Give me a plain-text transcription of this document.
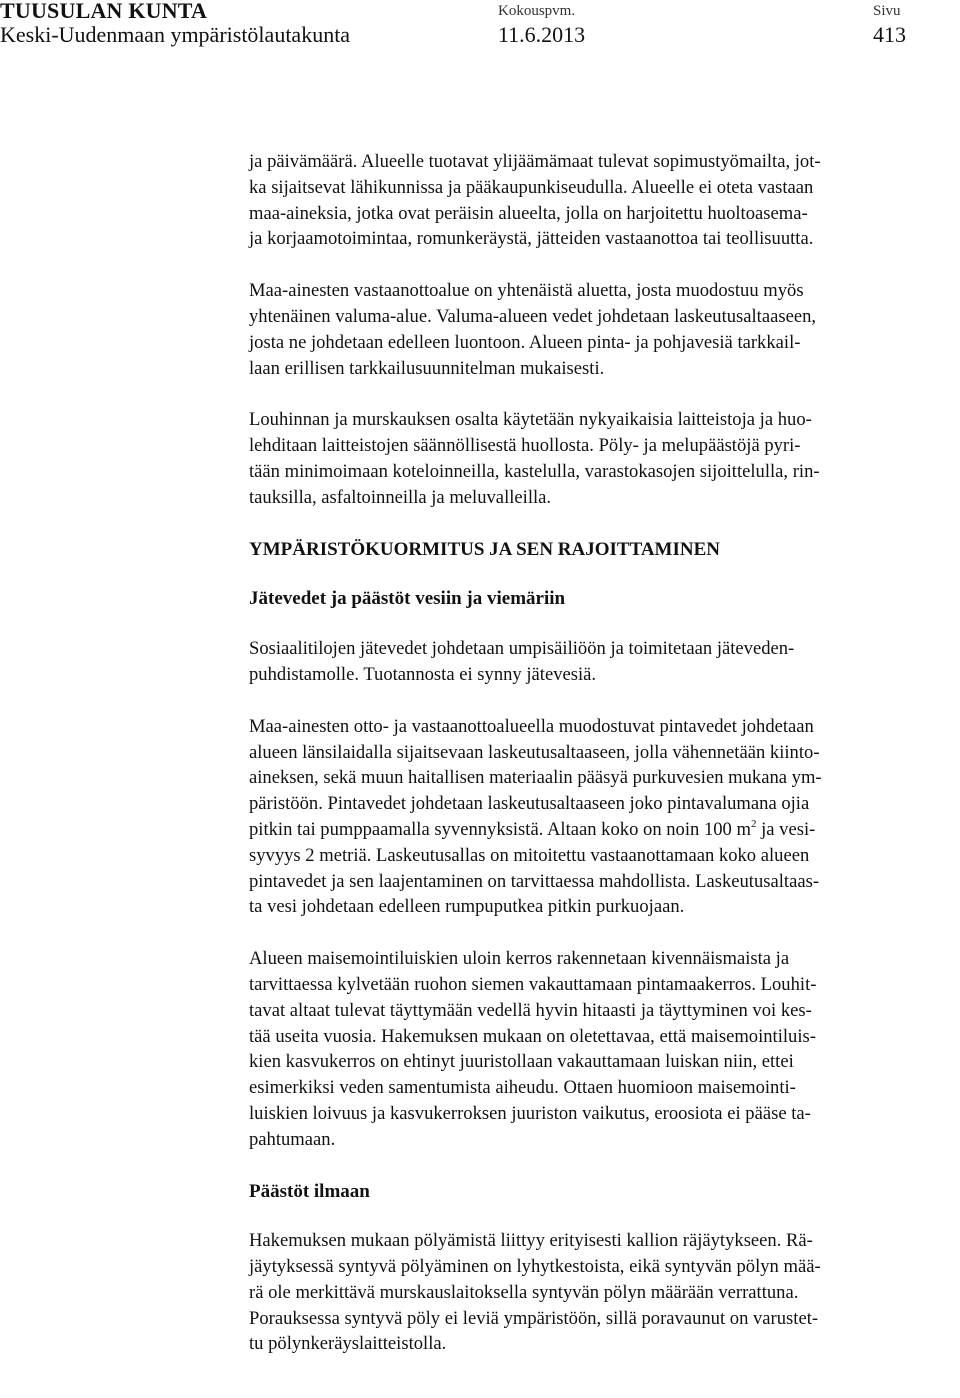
TUUSULAN KUNTA
Keski-Uudenmaan ympäristölautakunta
Kokouspvm.
11.6.2013
Sivu
413
ja päivämäärä. Alueelle tuotavat ylijäämämaat tulevat sopimustyömailta, jot-
ka sijaitsevat lähikunnissa ja pääkaupunkiseudulla. Alueelle ei oteta vastaan
maa-aineksia, jotka ovat peräisin alueelta, jolla on harjoitettu huoltoasema-
ja korjaamotoimintaa, romunkeräystä, jätteiden vastaanottoa tai teollisuutta.
Maa-ainesten vastaanottoalue on yhtenäistä aluetta, josta muodostuu myös
yhtenäinen valuma-alue. Valuma-alueen vedet johdetaan laskeutusaltaaseen,
josta ne johdetaan edelleen luontoon. Alueen pinta- ja pohjavesiä tarkkail-
laan erillisen tarkkailusuunnitelman mukaisesti.
Louhinnan ja murskauksen osalta käytetään nykyaikaisia laitteistoja ja huo-
lehditaan laitteistojen säännöllisestä huollosta. Pöly- ja melupäästöjä pyri-
tään minimoimaan koteloinneilla, kastelulla, varastokasojen sijoittelulla, rin-
tauksilla, asfaltoinneilla ja meluvalleilla.
YMPÄRISTÖKUORMITUS JA SEN RAJOITTAMINEN
Jätevedet ja päästöt vesiin ja viemäriin
Sosiaalitilojen jätevedet johdetaan umpisäiliöön ja toimitetaan jäteveden-
puhdistamolle. Tuotannosta ei synny jätevesiä.
Maa-ainesten otto- ja vastaanottoalueella muodostuvat pintavedet johdetaan
alueen länsilaidalla sijaitsevaan laskeutusaltaaseen, jolla vähennetään kiinto-
aineksen, sekä muun haitallisen materiaalin pääsyä purkuvesien mukana ym-
päristöön. Pintavedet johdetaan laskeutusaltaaseen joko pintavalumana ojia
pitkin tai pumppaamalla syvennyksistä. Altaan koko on noin 100 $m^2$ ja vesi-
syvyys 2 metriä. Laskeutusallas on mitoitettu vastaanottamaan koko alueen
pintavedet ja sen laajentaminen on tarvittaessa mahdollista. Laskeutusaltaas-
ta vesi johdetaan edelleen rumpuputkea pitkin purkuojaan.
Alueen maisemointiluiskien uloin kerros rakennetaan kivennäismaista ja
tarvittaessa kylvetään ruohon siemen vakauttamaan pintamaakerros. Louhit-
tavat altaat tulevat täyttymään vedellä hyvin hitaasti ja täyttyminen voi kes-
tää useita vuosia. Hakemuksen mukaan on oletettavaa, että maisemointiluis-
kien kasvukerros on ehtinyt juuristollaan vakauttamaan luiskan niin, ettei
esimerkiksi veden samentumista aiheudu. Ottaen huomioon maisemointi-
luiskien loivuus ja kasvukerroksen juuriston vaikutus, eroosiota ei pääse ta-
pahtumaan.
Päästöt ilmaan
Hakemuksen mukaan pölyämistä liittyy erityisesti kallion räjäytykseen. Rä-
jäytyksessä syntyvä pölyäminen on lyhytkestoista, eikä syntyvän pölyn mää-
rä ole merkittävä murskauslaitoksella syntyvän pölyn määrään verrattuna.
Porauksessa syntyvä pöly ei leviä ympäristöön, sillä poravaunut on varustet-
tu pölynkeräyslaitteistolla.
